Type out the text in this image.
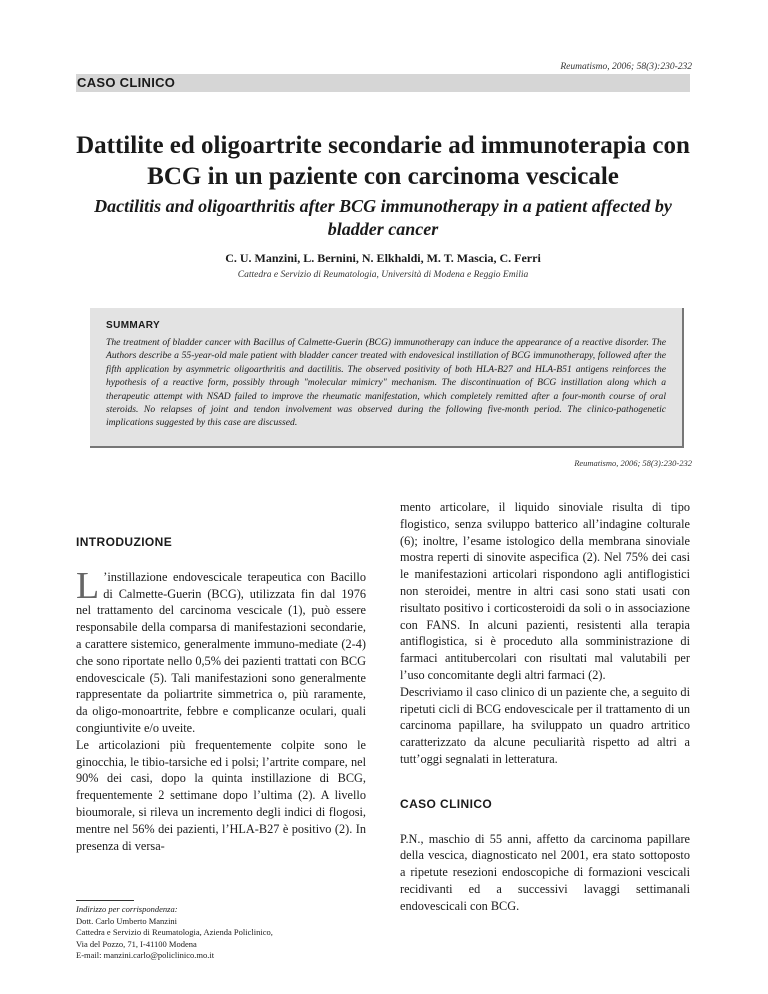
Reumatismo, 2006; 58(3):230-232
CASO CLINICO
Dattilite ed oligoartrite secondarie ad immunoterapia con BCG in un paziente con carcinoma vescicale
Dactilitis and oligoarthritis after BCG immunotherapy in a patient affected by bladder cancer
C. U. Manzini, L. Bernini, N. Elkhaldi, M. T. Mascia, C. Ferri
Cattedra e Servizio di Reumatologia, Università di Modena e Reggio Emilia
SUMMARY

The treatment of bladder cancer with Bacillus of Calmette-Guerin (BCG) immunotherapy can induce the appearance of a reactive disorder. The Authors describe a 55-year-old male patient with bladder cancer treated with endovesical instillation of BCG immunotherapy, followed after the fifth application by asymmetric oligoarthritis and dactilitis. The observed positivity of both HLA-B27 and HLA-B51 antigens reinforces the hypothesis of a reactive form, possibly through "molecular mimicry" mechanism. The discontinuation of BCG instillation along which a therapeutic attempt with NSAD failed to improve the rheumatic manifestation, which completely remitted after a four-month course of oral steroids. No relapses of joint and tendon involvement was observed during the following five-month period. The clinico-pathogenetic implications suggested by this case are discussed.

Reumatismo, 2006; 58(3):230-232
INTRODUZIONE

L ’instillazione endovescicale terapeutica con Bacillo di Calmette-Guerin (BCG), utilizzata fin dal 1976 nel trattamento del carcinoma vescicale (1), può essere responsabile della comparsa di manifestazioni secondarie, a carattere sistemico, generalmente immuno-mediate (2-4) che sono riportate nello 0,5% dei pazienti trattati con BCG endovescicale (5). Tali manifestazioni sono generalmente rappresentate da poliartrite simmetrica o, più raramente, da oligo-monoartrite, febbre e complicanze oculari, quali congiuntivite e/o uveite.

Le articolazioni più frequentemente colpite sono le ginocchia, le tibio-tarsiche ed i polsi; l’artrite compare, nel 90% dei casi, dopo la quinta instillazione di BCG, frequentemente 2 settimane dopo l’ultima (2). A livello bioumorale, si rileva un incremento degli indici di flogosi, mentre nel 56% dei pazienti, l’HLA-B27 è positivo (2). In presenza di versa-

mento articolare, il liquido sinoviale risulta di tipo flogistico, senza sviluppo batterico all’indagine colturale (6); inoltre, l’esame istologico della membrana sinoviale mostra reperti di sinovite aspecifica (2). Nel 75% dei casi le manifestazioni articolari rispondono agli antiflogistici non steroidei, mentre in altri casi sono stati usati con risultato positivo i corticosteroidi da soli o in associazione con FANS. In alcuni pazienti, resistenti alla terapia antiflogistica, si è proceduto alla somministrazione di farmaci antitubercolari con risultati mal valutabili per l’uso concomitante degli altri farmaci (2).

Descriviamo il caso clinico di un paziente che, a seguito di ripetuti cicli di BCG endovescicale per il trattamento di un carcinoma papillare, ha sviluppato un quadro artritico caratterizzato da alcune peculiarità rispetto ad altri a tutt’oggi segnalati in letteratura.

CASO CLINICO

P.N., maschio di 55 anni, affetto da carcinoma papillare della vescica, diagnosticato nel 2001, era stato sottoposto a ripetute resezioni endoscopiche di formazioni vescicali recidivanti ed a successivi lavaggi settimanali endovescicali con BCG.

Indirizzo per corrispondenza:
Dott. Carlo Umberto Manzini
Cattedra e Servizio di Reumatologia, Azienda Policlinico,
Via del Pozzo, 71, I-41100 Modena
E-mail: manzini.carlo@policlinico.mo.it
